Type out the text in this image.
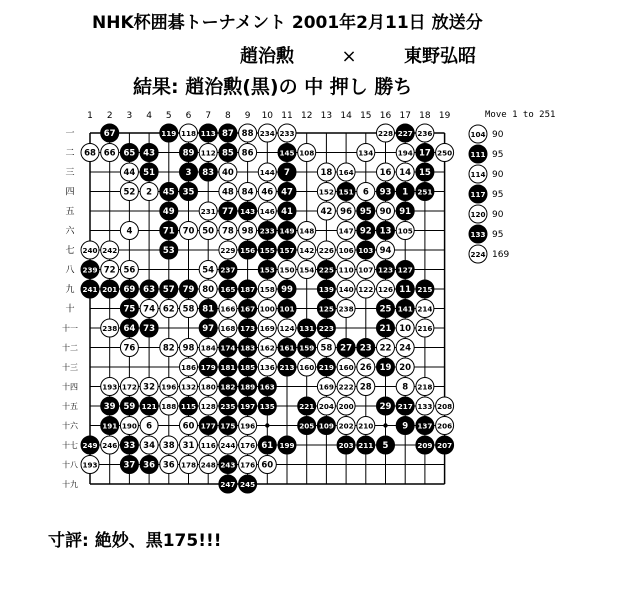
NHK杯囲碁トーナメント 2001年2月11日 放送分
趙治勲	×	東野弘昭
結果: 趙治勲(黒)の 中 押し 勝ち
Move 1 to 251
寸評: 絶妙、黒175!!!
1 2 3 4 5 6 7 8 9 10 11 12 13 14 15 16 17 18 19
一
二
三
四
五
六
七
八
九
十
十一
十二
十三
十四
十五
十六
十七
十八
十九
67	119 118 113 87 88 234 233	228 227 236
68 66 65 43	89 112 85 86	145 108	134	194 17 250
44 51	3 83 40	144 7	18 164	16 14 15
52 2 45 35	48 84 46 47	152 151 6 93 1 251
49	231 77 143 146 41	42 96 95 90 91
4	71 70 50 78 98 233 149 148	147 92 13 105
240 242	53	229 156 155 157 142 226 106 103 94
239 72 56	54 237	153 150 154 225 110 107 123 127
241 201 69 63 57 79 80 165 187 158 99	139 140 122 126 11 215
75 74 62 58 81 166 167 100 101	125 238	25 141 214
238 64 73	97 168 173 169 124 131 223	21 10 216
76	82 98 184 174 183 162 161 159 58 27 23 22 24
186 179 181 185 136 213 160 219 160 26 19 20
193 172 32 196 132 180 182 189 163	169 222 28	8 218
39 59 121 188 115 128 235 197 135	221 204 200	29 217 133 208
191 190 6	60 177 175 196	205 109 202 210	9 137 206
249 246 33 34 38 31 116 244 176 61 199	203 211 5	209 207
193	37 36 36 178 248 243 176 60
247 245
104 90
111 95
114 90
117 95
120 90
133 95
224 169
